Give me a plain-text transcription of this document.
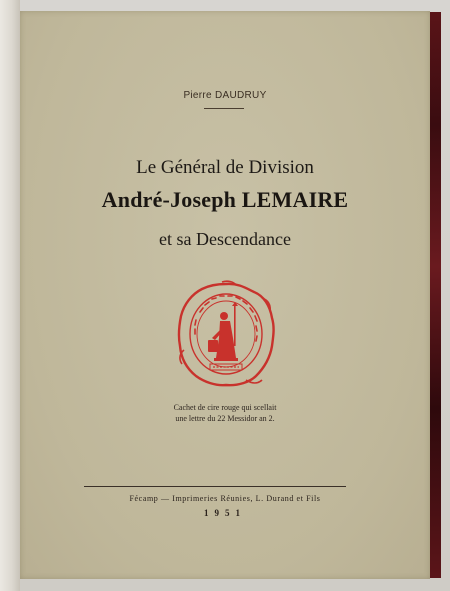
Pierre DAUDRUY
Le Général de Division
André-Joseph LEMAIRE
et sa Descendance
Cachet de cire rouge qui scellait
une lettre du 22 Messidor an 2.
Fécamp — Imprimeries Réunies, L. Durand et Fils
1951
